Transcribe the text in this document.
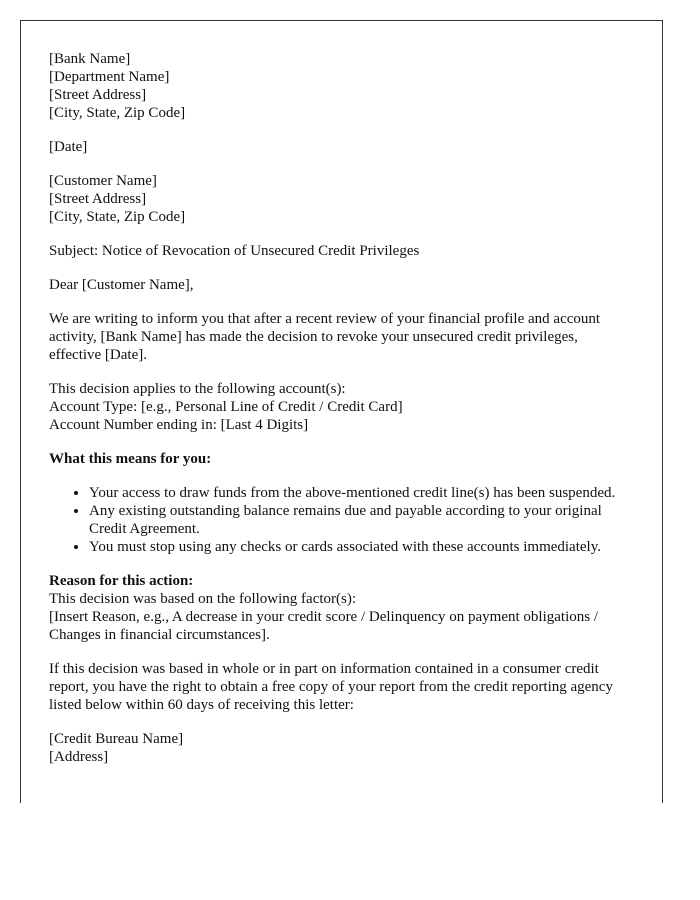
[Bank Name]
[Department Name]
[Street Address]
[City, State, Zip Code]

[Date]

[Customer Name]
[Street Address]
[City, State, Zip Code]

Subject: Notice of Revocation of Unsecured Credit Privileges

Dear [Customer Name],

We are writing to inform you that after a recent review of your financial profile and account activity, [Bank Name] has made the decision to revoke your unsecured credit privileges, effective [Date].

This decision applies to the following account(s):
Account Type: [e.g., Personal Line of Credit / Credit Card]
Account Number ending in: [Last 4 Digits]

What this means for you:

• Your access to draw funds from the above-mentioned credit line(s) has been suspended.
• Any existing outstanding balance remains due and payable according to your original Credit Agreement.
• You must stop using any checks or cards associated with these accounts immediately.

Reason for this action:
This decision was based on the following factor(s):
[Insert Reason, e.g., A decrease in your credit score / Delinquency on payment obligations / Changes in financial circumstances].

If this decision was based in whole or in part on information contained in a consumer credit report, you have the right to obtain a free copy of your report from the credit reporting agency listed below within 60 days of receiving this letter:

[Credit Bureau Name]
[Address]
